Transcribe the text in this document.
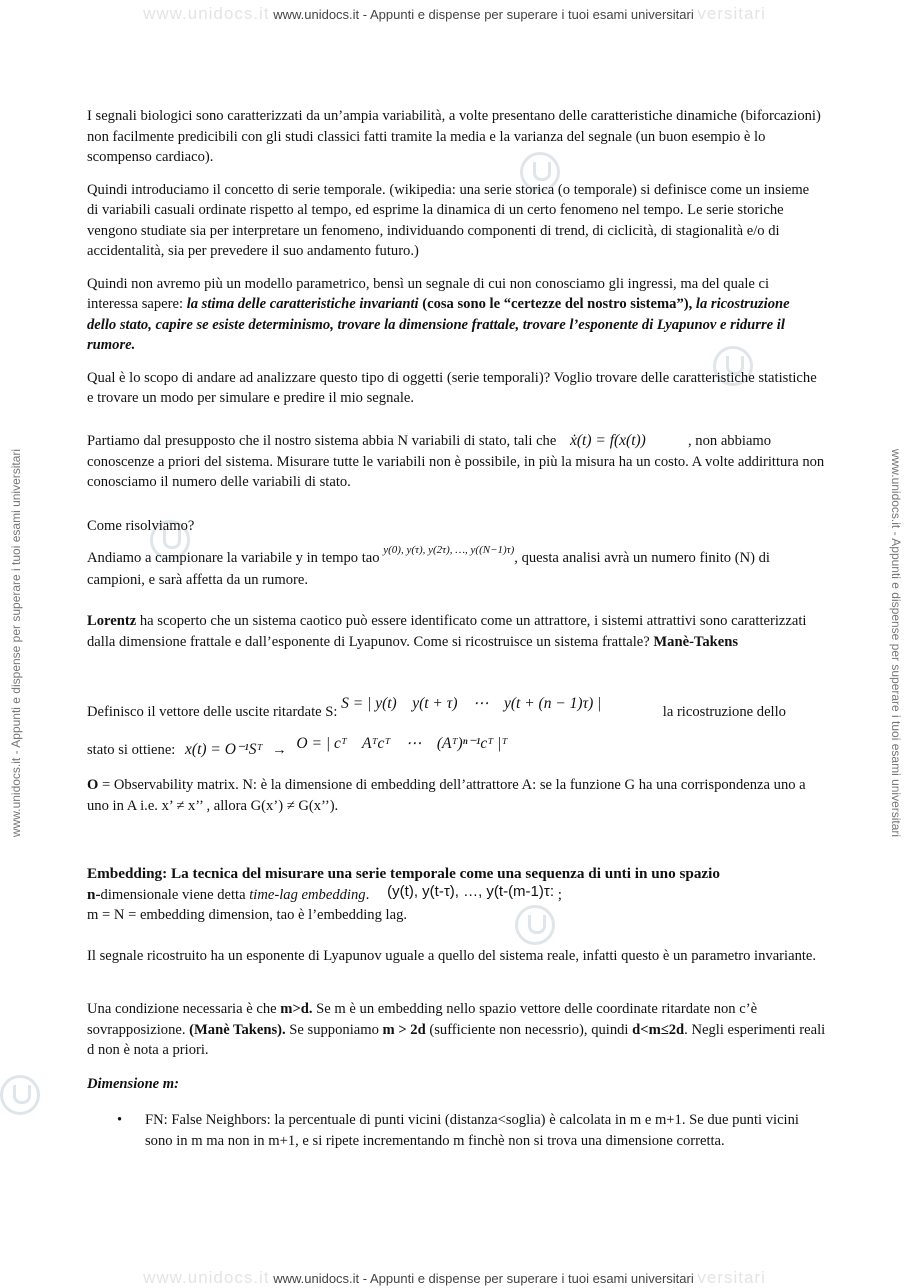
www.unidocs.it www.unidocs.it - Appunti e dispense per superare i tuoi esami universitari versitari
www.unidocs.it www.unidocs.it - Appunti e dispense per superare i tuoi esami universitari versitari
www.unidocs.it - Appunti e dispense per superare i tuoi esami universitari	www.unidocs.it - Appunti e dispense per superare i tuoi esami universitari

I segnali biologici sono caratterizzati da un’ampia variabilità, a volte presentano delle caratteristiche dinamiche (biforcazioni) non facilmente predicibili con gli studi classici fatti tramite la media e la varianza del segnale (un buon esempio è lo scompenso cardiaco).

Quindi introduciamo il concetto di serie temporale. (wikipedia: una serie storica (o temporale) si definisce come un insieme di variabili casuali ordinate rispetto al tempo, ed esprime la dinamica di un certo fenomeno nel tempo. Le serie storiche vengono studiate sia per interpretare un fenomeno, individuando componenti di trend, di ciclicità, di stagionalità e/o di accidentalità, sia per prevedere il suo andamento futuro.)

Quindi non avremo più un modello parametrico, bensì un segnale di cui non conosciamo gli ingressi, ma del quale ci interessa sapere: la stima delle caratteristiche invarianti (cosa sono le “certezze del nostro sistema”), la ricostruzione dello stato, capire se esiste determinismo, trovare la dimensione frattale, trovare l’esponente di Lyapunov e ridurre il rumore.

Qual è lo scopo di andare ad analizzare questo tipo di oggetti (serie temporali)? Voglio trovare delle caratteristiche statistiche e trovare un modo per simulare e predire il mio segnale.

Partiamo dal presupposto che il nostro sistema abbia N variabili di stato, tali che ẋ(t) = f(x(t))	, non abbiamo conoscenze a priori del sistema. Misurare tutte le variabili non è possibile, in più la misura ha un costo. A volte addirittura non conosciamo il numero delle variabili di stato.
Come risolviamo?
Andiamo a campionare la variabile y in tempo tao $^{y(0), y(\tau), y(2\tau), \dots, y((N-1)\tau)}$, questa analisi avrà un numero finito (N) di campioni, e sarà affetta da un rumore.
Lorentz ha scoperto che un sistema caotico può essere identificato come un attrattore, i sistemi attrattivi sono caratterizzati dalla dimensione frattale e dall’esponente di Lyapunov. Come si ricostruisce un sistema frattale? Manè-Takens
Definisco il vettore delle uscite ritardate S: S = | y(t)    y(t + τ)    ⋯    y(t + (n − 1)τ) |	la ricostruzione dello
stato si ottiene: x(t) = O⁻¹Sᵀ → O = | cᵀ    Aᵀcᵀ    ⋯    (Aᵀ)ⁿ⁻¹cᵀ |ᵀ
O = Observability matrix. N: è la dimensione di embedding dell’attrattore A: se la funzione G ha una corrispondenza uno a uno in A i.e. x’ ≠ x’’ , allora G(x’) ≠ G(x’’).
Embedding: La tecnica del misurare una serie temporale come una sequenza di unti in uno spazio
n-dimensionale viene detta time-lag embedding. (y(t), y(t-τ), …, y(t-(m-1)τ: ;
m = N = embedding dimension, tao è l’embedding lag.
Il segnale ricostruito ha un esponente di Lyapunov uguale a quello del sistema reale, infatti questo è un parametro invariante.
Una condizione necessaria è che m>d. Se m è un embedding nello spazio vettore delle coordinate ritardate non c’è sovrapposizione. (Manè Takens). Se supponiamo m > 2d (sufficiente non necessrio), quindi d<m≤2d. Negli esperimenti reali d non è nota a priori.
Dimensione m:
• FN: False Neighbors: la percentuale di punti vicini (distanza<soglia) è calcolata in m e m+1. Se due punti vicini sono in m ma non in m+1, e si ripete incrementando m finchè non si trova una dimensione corretta.
